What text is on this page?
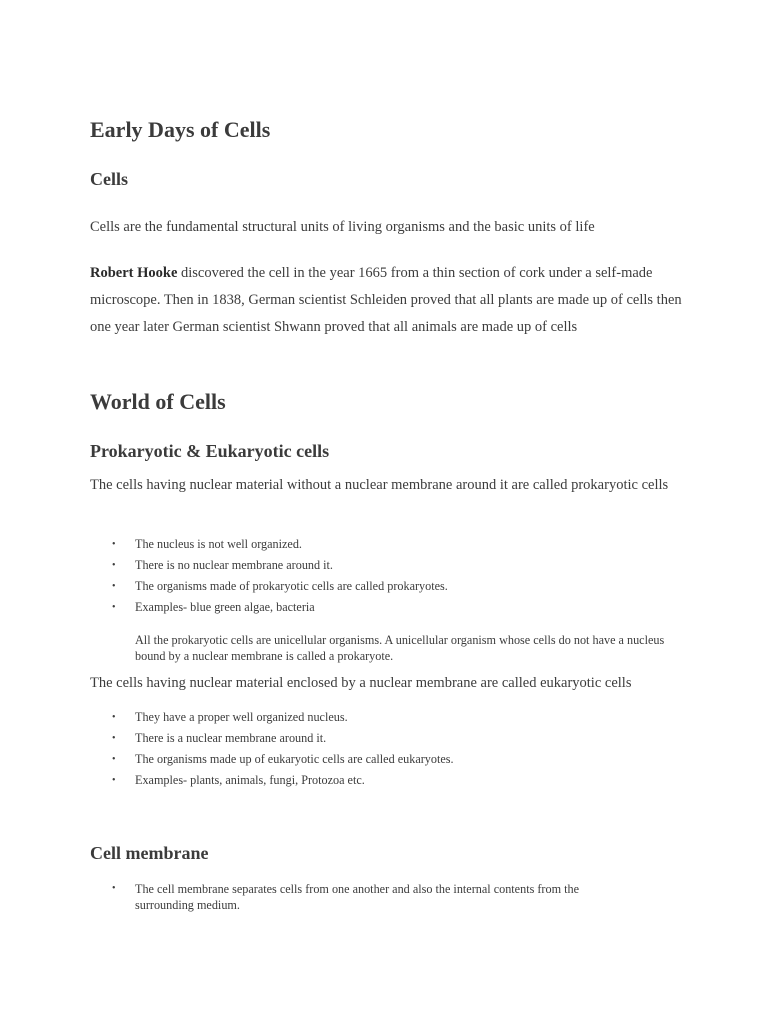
Early Days of Cells
Cells

Cells are the fundamental structural units of living organisms and the basic units of life

Robert Hooke discovered the cell in the year 1665 from a thin section of cork under a self-made microscope. Then in 1838, German scientist Schleiden proved that all plants are made up of cells then one year later German scientist Shwann proved that all animals are made up of cells

World of Cells
Prokaryotic & Eukaryotic cells

The cells having nuclear material without a nuclear membrane around it are called prokaryotic cells

• The nucleus is not well organized.
• There is no nuclear membrane around it.
• The organisms made of prokaryotic cells are called prokaryotes.
• Examples- blue green algae, bacteria

All the prokaryotic cells are unicellular organisms. A unicellular organism whose cells do not have a nucleus bound by a nuclear membrane is called a prokaryote.

The cells having nuclear material enclosed by a nuclear membrane are called eukaryotic cells

• They have a proper well organized nucleus.
• There is a nuclear membrane around it.
• The organisms made up of eukaryotic cells are called eukaryotes.
• Examples- plants, animals, fungi, Protozoa etc.
Cell membrane
• The cell membrane separates cells from one another and also the internal contents from the surrounding medium.
